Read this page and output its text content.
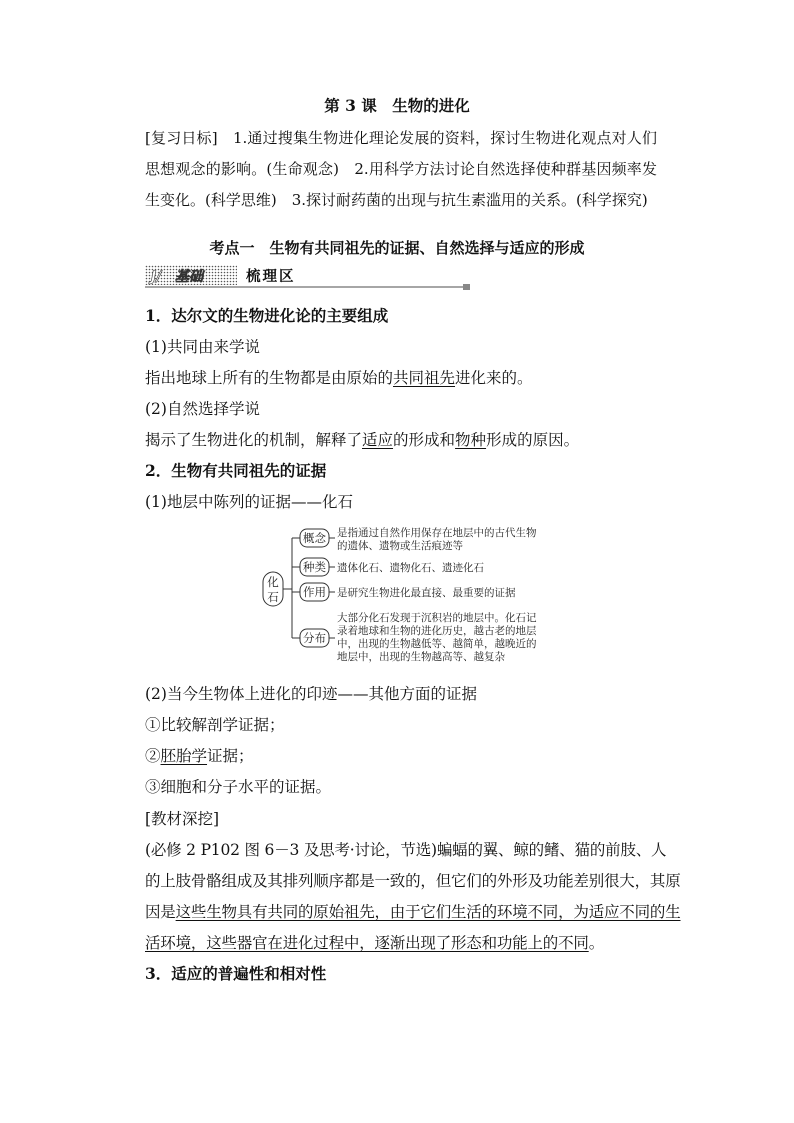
第 3 课　生物的进化
[复习日标]　1.通过搜集生物进化理论发展的资料，探讨生物进化观点对人们思想观念的影响。(生命观念)　2.用科学方法讨论自然选择使种群基因频率发生变化。(科学思维)　3.探讨耐药菌的出现与抗生素滥用的关系。(科学探究)
考点一　生物有共同祖先的证据、自然选择与适应的形成
J/ 基础	梳理区
1．达尔文的生物进化论的主要组成
(1)共同由来学说
指出地球上所有的生物都是由原始的共同祖先进化来的。
(2)自然选择学说
揭示了生物进化的机制，解释了适应的形成和物种形成的原因。
2．生物有共同祖先的证据
(1)地层中陈列的证据——化石
化
石
概念 是指通过自然作用保存在地层中的古代生物
的遗体、遗物或生活痕迹等
种类 遗体化石、遗物化石、遗迹化石
作用 是研究生物进化最直接、最重要的证据
分布
大部分化石发现于沉积岩的地层中。化石记
录着地球和生物的进化历史，越古老的地层
中，出现的生物越低等、越简单，越晚近的
地层中，出现的生物越高等、越复杂
(2)当今生物体上进化的印迹——其他方面的证据
①比较解剖学证据；
②胚胎学证据；
③细胞和分子水平的证据。
[教材深挖]
(必修 2 P102 图 6－3 及思考·讨论，节选)蝙蝠的翼、鲸的鳍、猫的前肢、人
的上肢骨骼组成及其排列顺序都是一致的，但它们的外形及功能差别很大，其原
因是这些生物具有共同的原始祖先，由于它们生活的环境不同，为适应不同的生
活环境，这些器官在进化过程中，逐渐出现了形态和功能上的不同。
3．适应的普遍性和相对性
